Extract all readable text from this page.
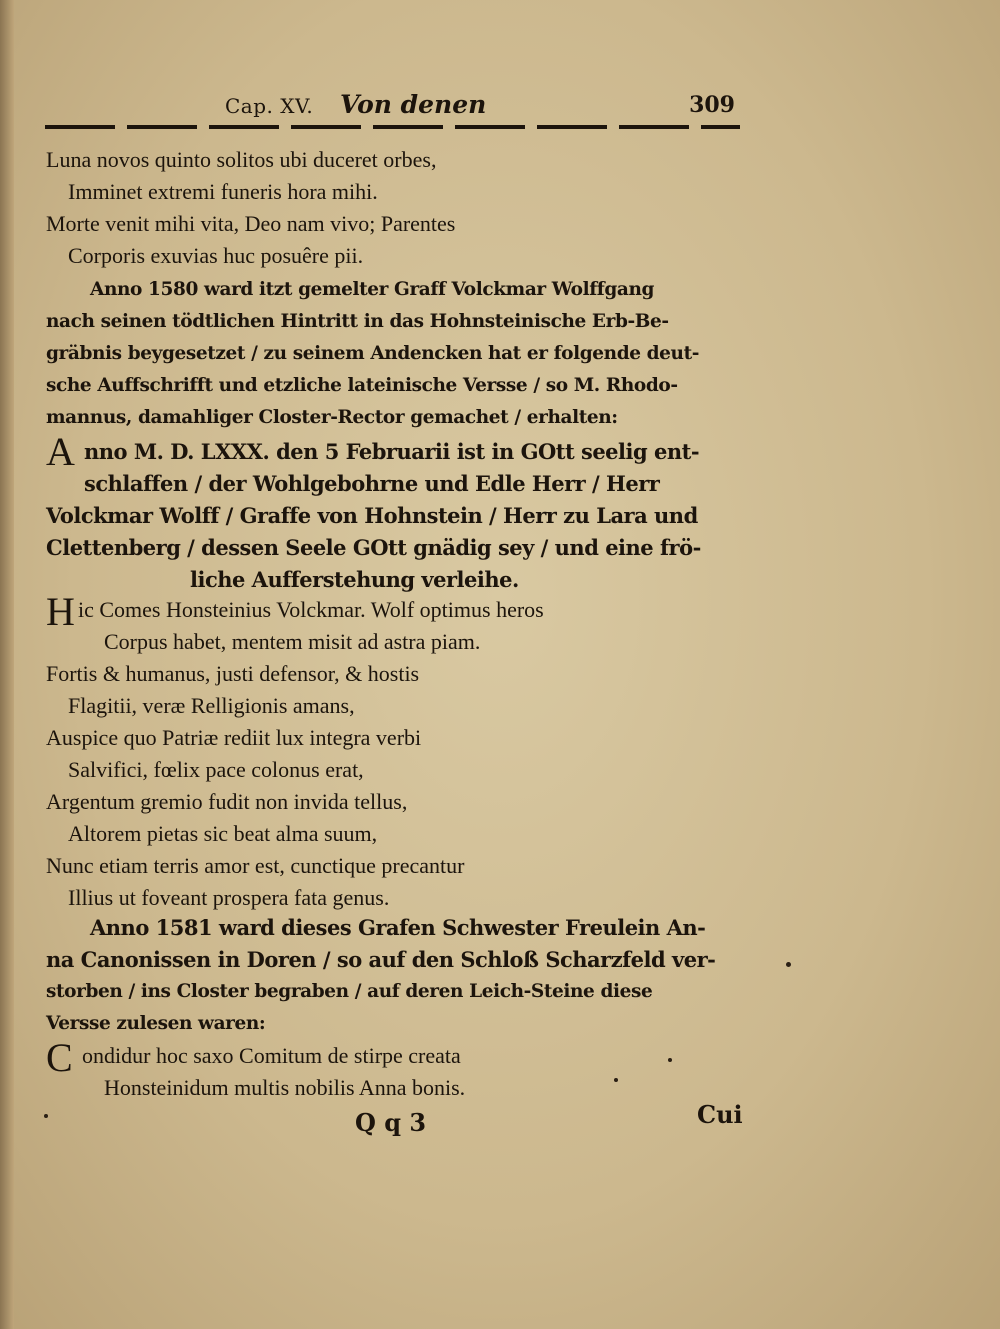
Cap. XV. Von denen	309
Luna novos quinto solitos ubi duceret orbes,
Imminet extremi funeris hora mihi.
Morte venit mihi vita, Deo nam vivo; Parentes
Corporis exuvias huc posuêre pii.
Anno 1580 ward itzt gemelter Graff Volckmar Wolffgang
nach seinen tödtlichen Hintritt in das Hohnsteinische Erb-Be-
gräbnis beygesetzet / zu seinem Andencken hat er folgende deut-
sche Auffschrifft und etzliche lateinische Versse / so M. Rhodo-
mannus, damahliger Closter-Rector gemachet / erhalten:
A nno M. D. LXXX. den 5 Februarii ist in GOtt seelig ent-
schlaffen / der Wohlgebohrne und Edle Herr / Herr
Volckmar Wolff / Graffe von Hohnstein / Herr zu Lara und
Clettenberg / dessen Seele GOtt gnädig sey / und eine frö-
liche Aufferstehung verleihe.
H ic Comes Honsteinius Volckmar. Wolf optimus heros
Corpus habet, mentem misit ad astra piam.
Fortis & humanus, justi defensor, & hostis
Flagitii, veræ Relligionis amans,
Auspice quo Patriæ rediit lux integra verbi
Salvifici, fœlix pace colonus erat,
Argentum gremio fudit non invida tellus,
Altorem pietas sic beat alma suum,
Nunc etiam terris amor est, cunctique precantur
Illius ut foveant prospera fata genus.
Anno 1581 ward dieses Grafen Schwester Freulein An-
na Canonissen in Doren / so auf den Schloß Scharzfeld ver-
storben / ins Closter begraben / auf deren Leich-Steine diese
Versse zulesen waren:
C ondidur hoc saxo Comitum de stirpe creata
Honsteinidum multis nobilis Anna bonis.
Q q 3	Cui
